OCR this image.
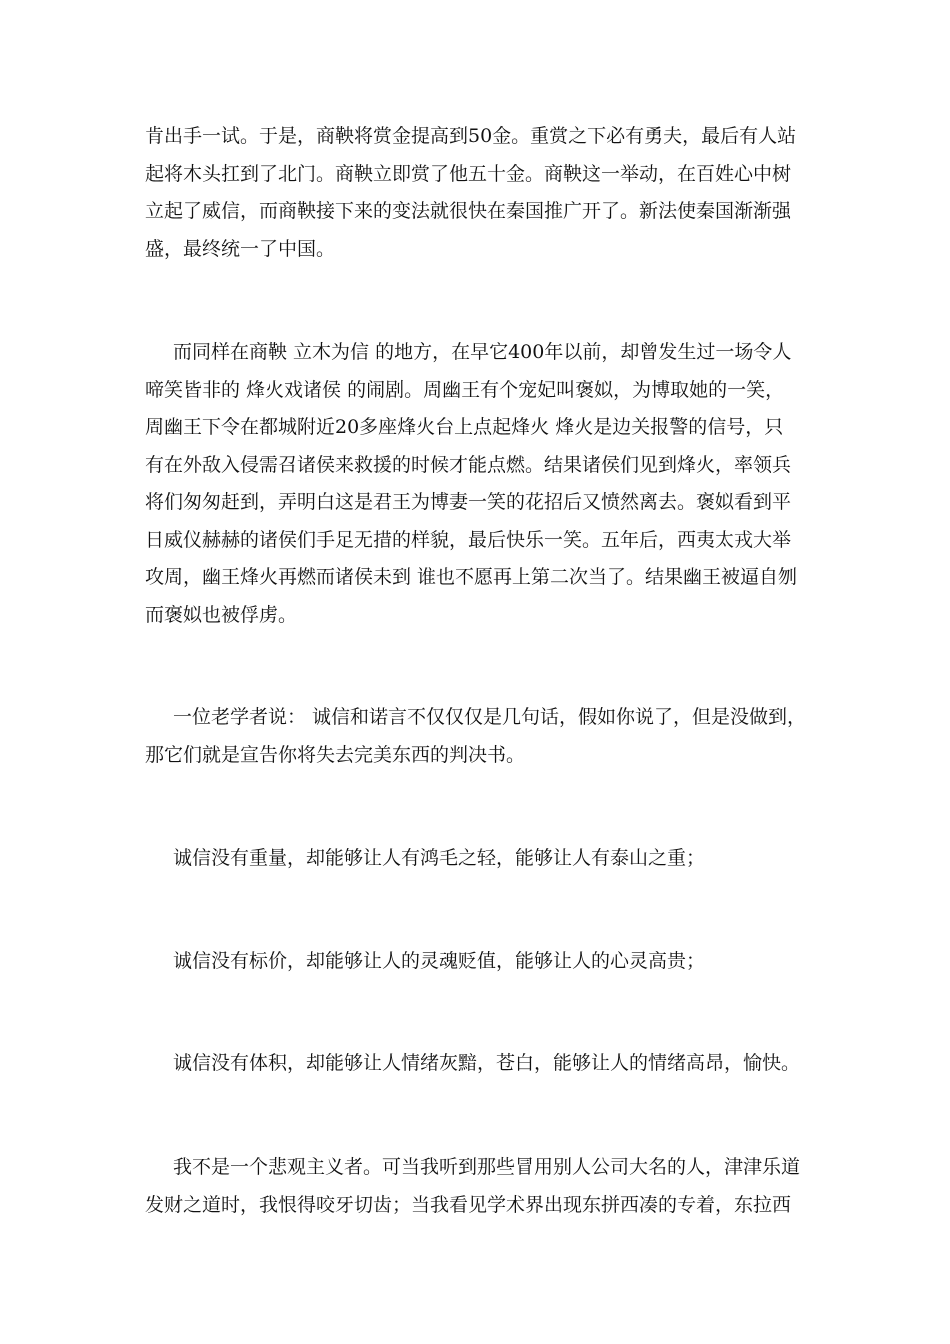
肯出手一试。于是，商鞅将赏金提高到50金。重赏之下必有勇夫，最后有人站
起将木头扛到了北门。商鞅立即赏了他五十金。商鞅这一举动，在百姓心中树
立起了威信，而商鞅接下来的变法就很快在秦国推广开了。新法使秦国渐渐强
盛，最终统一了中国。
而同样在商鞅 立木为信 的地方，在早它400年以前，却曾发生过一场令人
啼笑皆非的 烽火戏诸侯 的闹剧。周幽王有个宠妃叫褒姒，为博取她的一笑，
周幽王下令在都城附近20多座烽火台上点起烽火 烽火是边关报警的信号，只
有在外敌入侵需召诸侯来救援的时候才能点燃。结果诸侯们见到烽火，率领兵
将们匆匆赶到，弄明白这是君王为博妻一笑的花招后又愤然离去。褒姒看到平
日威仪赫赫的诸侯们手足无措的样貌，最后快乐一笑。五年后，西夷太戎大举
攻周，幽王烽火再燃而诸侯未到 谁也不愿再上第二次当了。结果幽王被逼自刎
而褒姒也被俘虏。
一位老学者说： 诚信和诺言不仅仅仅是几句话，假如你说了，但是没做到，
那它们就是宣告你将失去完美东西的判决书。
诚信没有重量，却能够让人有鸿毛之轻，能够让人有泰山之重；
诚信没有标价，却能够让人的灵魂贬值，能够让人的心灵高贵；
诚信没有体积，却能够让人情绪灰黯，苍白，能够让人的情绪高昂，愉快。
我不是一个悲观主义者。可当我听到那些冒用别人公司大名的人，津津乐道
发财之道时，我恨得咬牙切齿；当我看见学术界出现东拼西凑的专着，东拉西
